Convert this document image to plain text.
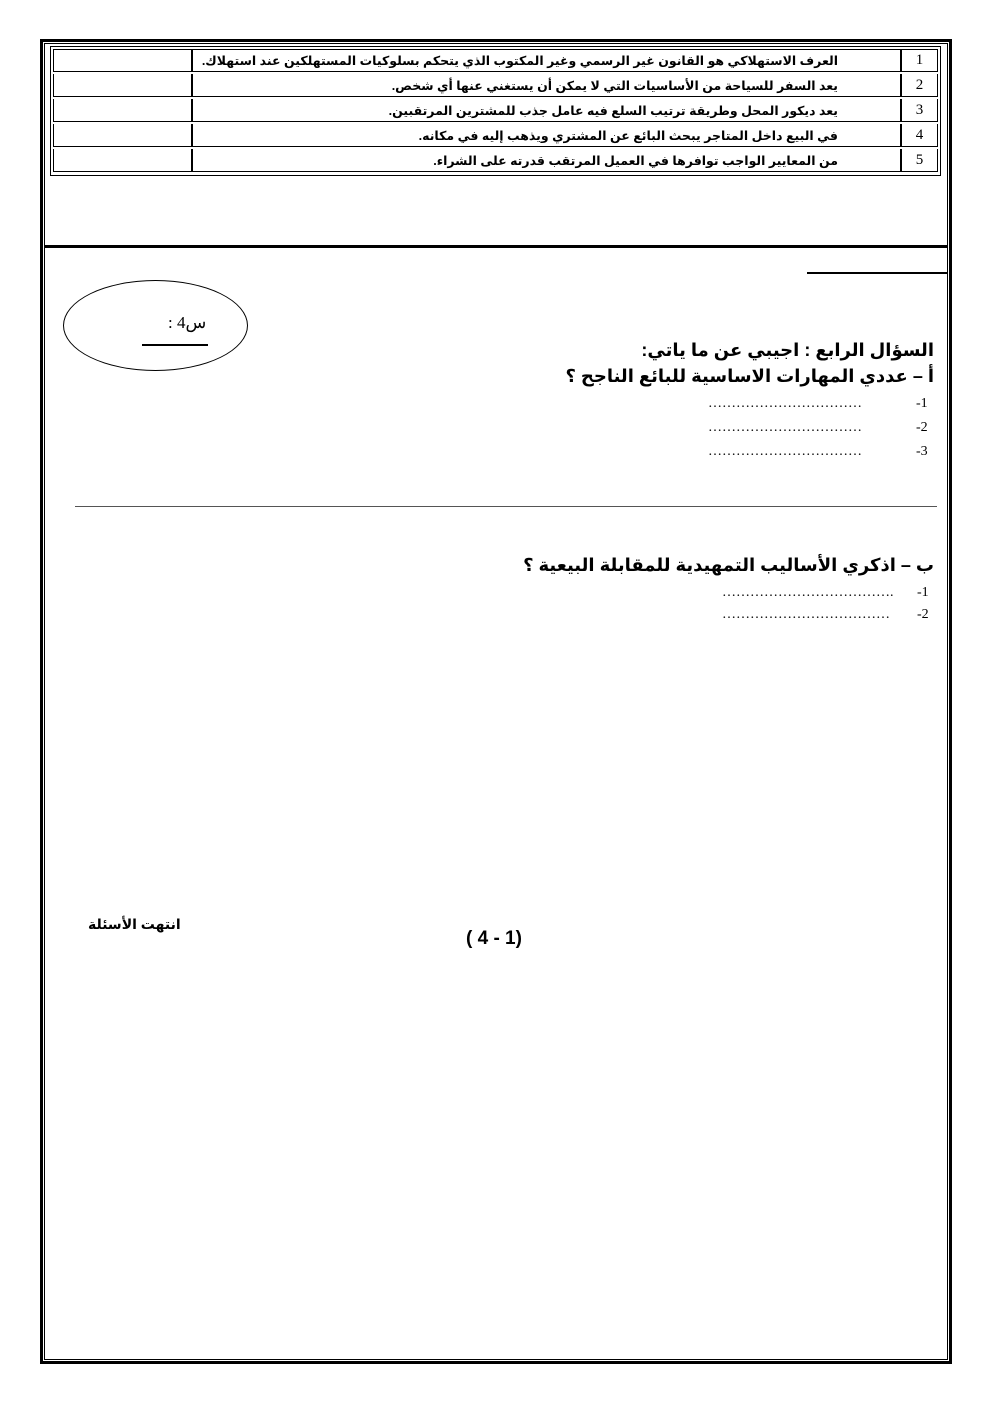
	العرف الاستهلاكي هو القانون غير الرسمي وغير المكتوب الذي يتحكم بسلوكيات المستهلكين عند استهلاك.	1

	يعد السفر للسياحة من الأساسيات التي لا يمكن أن يستغني عنها أي شخص.	2

	يعد ديكور المحل وطريقة ترتيب السلع فيه عامل جذب للمشترين المرتقبين.	3

	في البيع داخل المتاجر يبحث البائع عن المشتري ويذهب إليه في مكانه.	4

	من المعايير الواجب توافرها في العميل المرتقب قدرته على الشراء.	5
س4 :
السؤال الرابع : اجيبي عن ما ياتي:
أ – عددي المهارات الاساسية للبائع الناجح ؟
……………………………	-1
……………………………	-2
……………………………	-3
ب – اذكري الأساليب التمهيدية للمقابلة البيعية ؟
………………………………. -1
……………………………… -2
انتهت الأسئلة
( 4 - 1)
